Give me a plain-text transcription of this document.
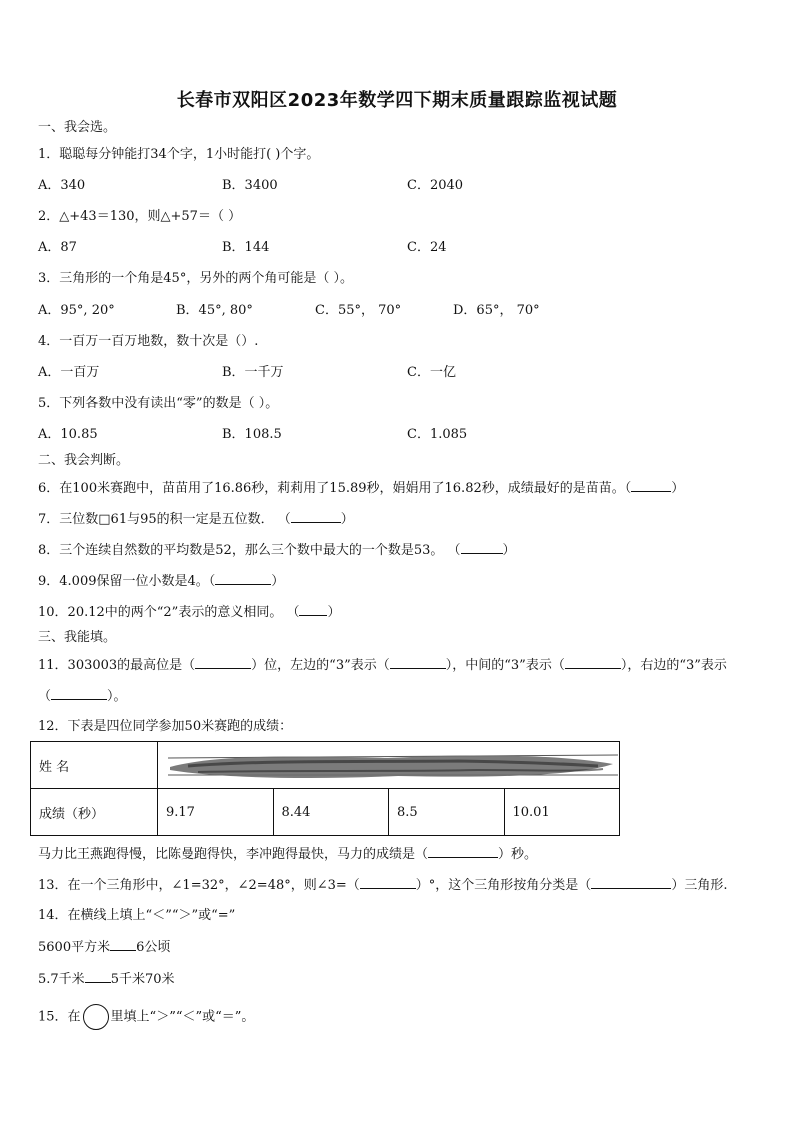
长春市双阳区2023年数学四下期末质量跟踪监视试题
一、我会选。
1．聪聪每分钟能打34个字，1小时能打( )个字。
A．340	B．3400	C．2040
2．△+43＝130，则△+57＝（ ）
A．87	B．144	C．24
3．三角形的一个角是45°，另外的两个角可能是（ ）。
A．95°, 20°	B．45°, 80°	C．55°， 70°	D．65°， 70°
4．一百万一百万地数，数十次是（）.
A．一百万	B．一千万	C．一亿
5．下列各数中没有读出“零”的数是（ ）。
A．10.85	B．108.5	C．1.085
二、我会判断。
6．在100米赛跑中，苗苗用了16.86秒，莉莉用了15.89秒，娟娟用了16.82秒，成绩最好的是苗苗。（	）
7．三位数□61与95的积一定是五位数． （	）
8．三个连续自然数的平均数是52，那么三个数中最大的一个数是53。 （	）
9．4.009保留一位小数是4。（	）
10．20.12中的两个“2”表示的意义相同。 （ ）
三、我能填。
11．303003的最高位是（	）位，左边的“3”表示（	），中间的“3”表示（	），右边的“3”表示
（	）。
12．下表是四位同学参加50米赛跑的成绩：
姓 名	

成绩（秒）	9.17	8.44	8.5	10.01
马力比王燕跑得慢，比陈曼跑得快，李冲跑得最快，马力的成绩是（	）秒。
13．在一个三角形中，∠1=32°，∠2=48°，则∠3=（	）°，这个三角形按角分类是（	）三角形.
14．在横线上填上“＜”“＞”或“=”
5600平方米 6公顷
5.7千米 5千米70米
15．在 里填上“＞”“＜”或“＝”。
